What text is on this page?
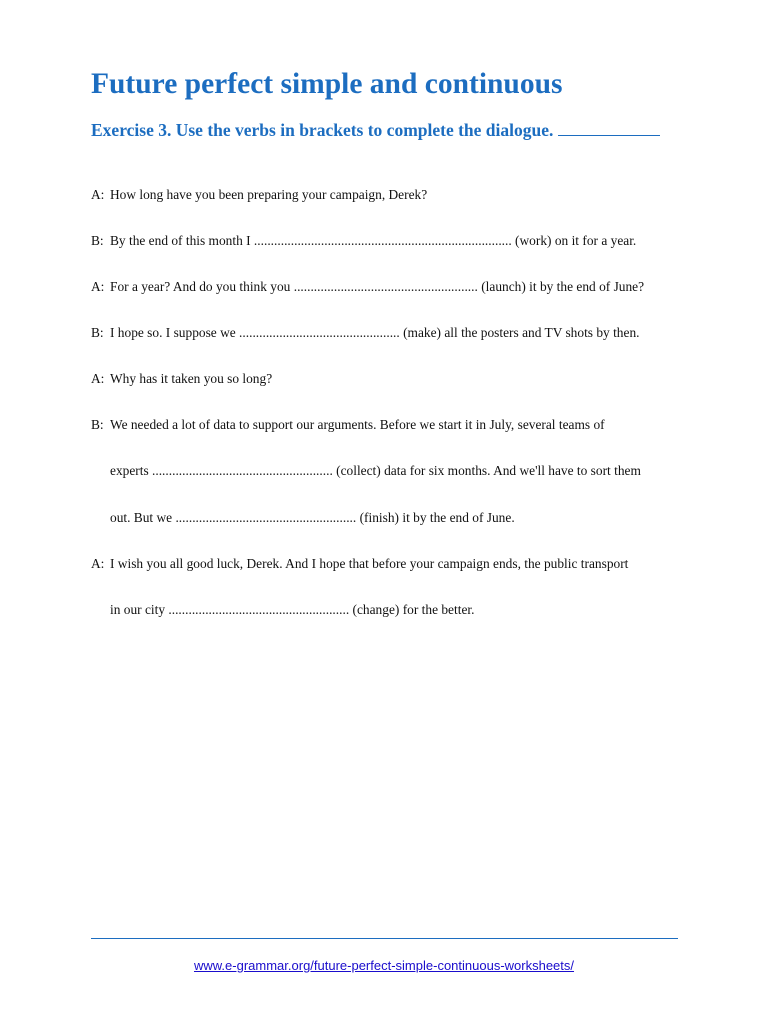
Future perfect simple and continuous
Exercise 3. Use the verbs in brackets to complete the dialogue.

A: How long have you been preparing your campaign, Derek?

B: By the end of this month I ............................................................................. (work) on it for a year.

A: For a year? And do you think you ....................................................... (launch) it by the end of June?

B: I hope so. I suppose we ................................................ (make) all the posters and TV shots by then.

A: Why has it taken you so long?

B: We needed a lot of data to support our arguments. Before we start it in July, several teams of

experts ...................................................... (collect) data for six months. And we'll have to sort them

out. But we ...................................................... (finish) it by the end of June.

A: I wish you all good luck, Derek. And I hope that before your campaign ends, the public transport

in our city ...................................................... (change) for the better.

www.e-grammar.org/future-perfect-simple-continuous-worksheets/
